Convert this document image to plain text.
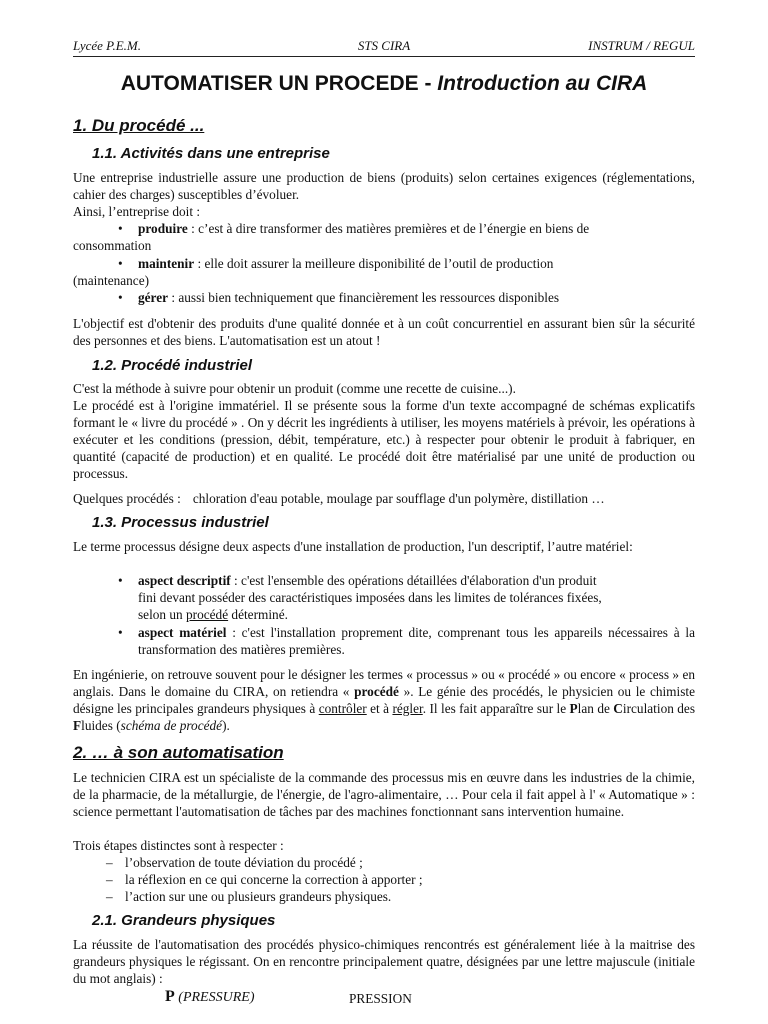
Lycée P.E.M.	STS CIRA	INSTRUM / REGUL
AUTOMATISER UN PROCEDE - Introduction au CIRA
1. Du procédé ...
1.1. Activités dans une entreprise
Une entreprise industrielle assure une production de biens (produits) selon certaines exigences (réglementations, cahier des charges) susceptibles d’évoluer.
Ainsi, l’entreprise doit :
• produire : c’est à dire transformer des matières premières et de l’énergie en biens de
consommation
• maintenir : elle doit assurer la meilleure disponibilité de l’outil de production
(maintenance)
• gérer : aussi bien techniquement que financièrement les ressources disponibles
L'objectif est d'obtenir des produits d'une qualité donnée et à un coût concurrentiel en assurant bien sûr la sécurité des personnes et des biens. L'automatisation est un atout !
1.2. Procédé industriel
C'est la méthode à suivre pour obtenir un produit (comme une recette de cuisine...).
Le procédé est à l'origine immatériel. Il se présente sous la forme d'un texte accompagné de schémas explicatifs formant le « livre du procédé » . On y décrit les ingrédients à utiliser, les moyens matériels à prévoir, les opérations à exécuter et les conditions (pression, débit, température, etc.) à respecter pour obtenir le produit à fabriquer, en quantité (capacité de production) et en qualité. Le procédé doit être matérialisé par une unité de production ou processus.
Quelques procédés : chloration d'eau potable, moulage par soufflage d'un polymère, distillation …
1.3. Processus industriel
Le terme processus désigne deux aspects d'une installation de production, l'un descriptif, l’autre matériel:
• aspect descriptif : c'est l'ensemble des opérations détaillées d'élaboration d'un produit
fini devant posséder des caractéristiques imposées dans les limites de tolérances fixées,
selon un procédé déterminé.
• aspect matériel : c'est l'installation proprement dite, comprenant tous les appareils nécessaires à la transformation des matières premières.
En ingénierie, on retrouve souvent pour le désigner les termes « processus » ou « procédé » ou encore « process » en anglais. Dans le domaine du CIRA, on retiendra « procédé ». Le génie des procédés, le physicien ou le chimiste désigne les principales grandeurs physiques à contrôler et à régler. Il les fait apparaître sur le Plan de Circulation des Fluides (schéma de procédé).
2. … à son automatisation
Le technicien CIRA est un spécialiste de la commande des processus mis en œuvre dans les industries de la chimie, de la pharmacie, de la métallurgie, de l'énergie, de l'agro-alimentaire, … Pour cela il fait appel à l' « Automatique » : science permettant l'automatisation de tâches par des machines fonctionnant sans intervention humaine.
Trois étapes distinctes sont à respecter :
– l’observation de toute déviation du procédé ;
– la réflexion en ce qui concerne la correction à apporter ;
– l’action sur une ou plusieurs grandeurs physiques.
2.1. Grandeurs physiques
La réussite de l'automatisation des procédés physico-chimiques rencontrés est généralement liée à la maitrise des grandeurs physiques le régissant. On en rencontre principalement quatre, désignées par une lettre majuscule (initiale du mot anglais) :
P (PRESSURE)	PRESSION
